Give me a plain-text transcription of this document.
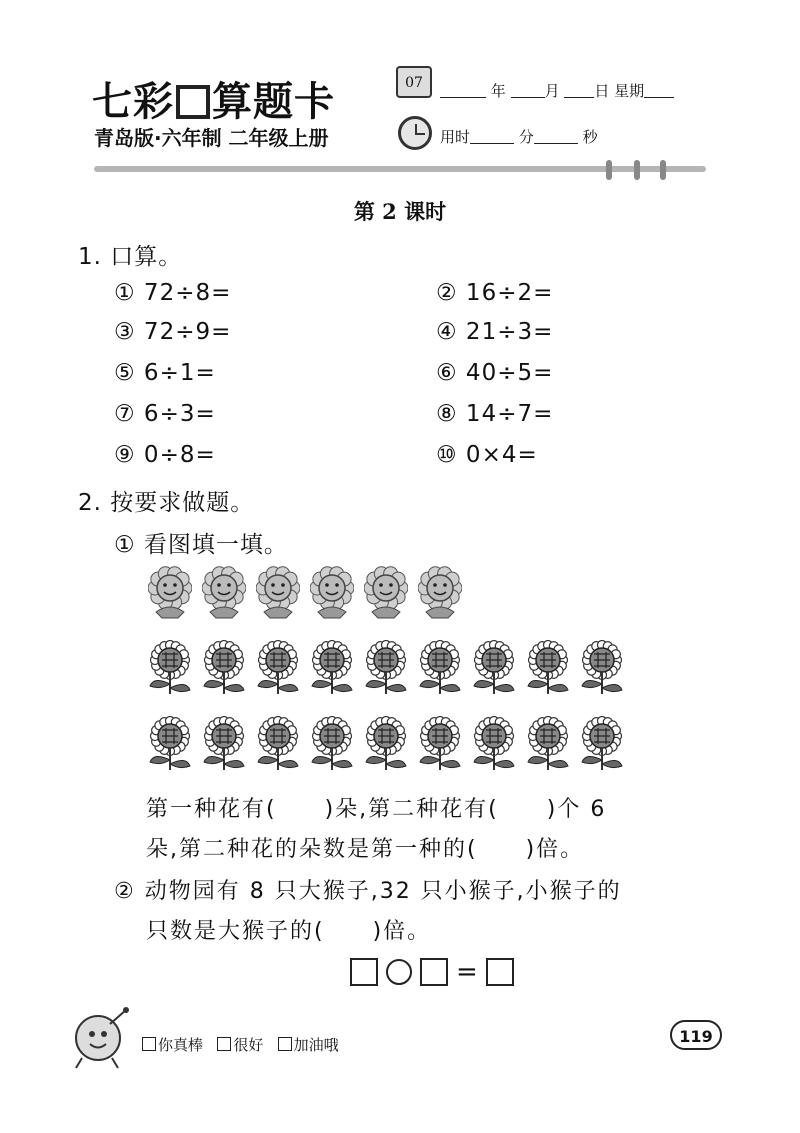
七彩 算题卡
青岛版·六年制 二年级上册
07	年	月 日 星期
用时	分	秒
第 2 课时
1. 口算。
① 72÷8=	② 16÷2=
③ 72÷9=	④ 21÷3=
⑤ 6÷1=	⑥ 40÷5=
⑦ 6÷3=	⑧ 14÷7=
⑨ 0÷8=	⑩ 0×4=
2. 按要求做题。
① 看图填一填。
第一种花有(　　)朵,第二种花有(　　)个 6
朵,第二种花的朵数是第一种的(　　)倍。
② 动物园有 8 只大猴子,32 只小猴子,小猴子的
只数是大猴子的(　　)倍。
=
你真棒 很好 加油哦	119
